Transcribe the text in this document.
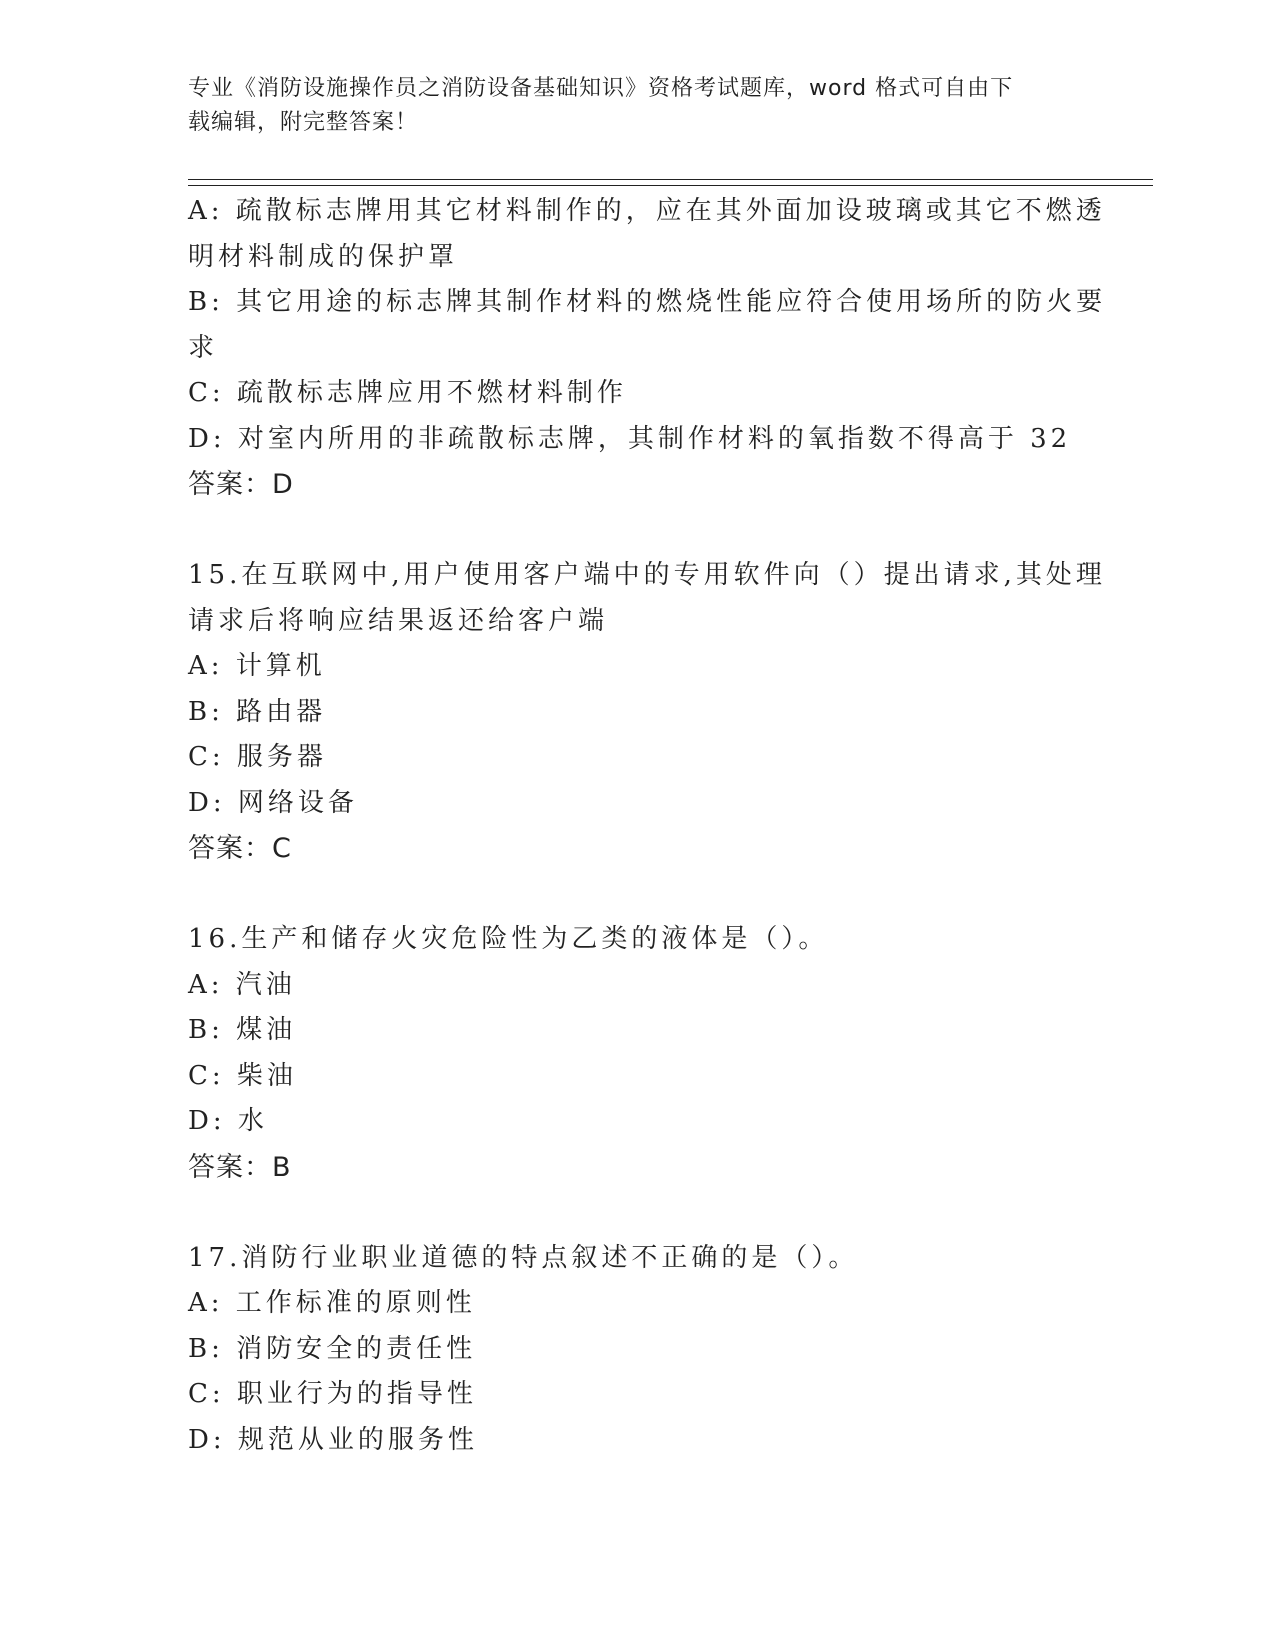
专业《消防设施操作员之消防设备基础知识》资格考试题库，word 格式可自由下
载编辑，附完整答案！
A: 疏散标志牌用其它材料制作的，应在其外面加设玻璃或其它不燃透
明材料制成的保护罩
B: 其它用途的标志牌其制作材料的燃烧性能应符合使用场所的防火要
求
C: 疏散标志牌应用不燃材料制作
D: 对室内所用的非疏散标志牌，其制作材料的氧指数不得高于 32
答案：D
15.在互联网中,用户使用客户端中的专用软件向（）提出请求,其处理
请求后将响应结果返还给客户端
A: 计算机
B: 路由器
C: 服务器
D: 网络设备
答案：C
16.生产和储存火灾危险性为乙类的液体是（）。
A: 汽油
B: 煤油
C: 柴油
D: 水
答案：B
17.消防行业职业道德的特点叙述不正确的是（）。
A: 工作标准的原则性
B: 消防安全的责任性
C: 职业行为的指导性
D: 规范从业的服务性
